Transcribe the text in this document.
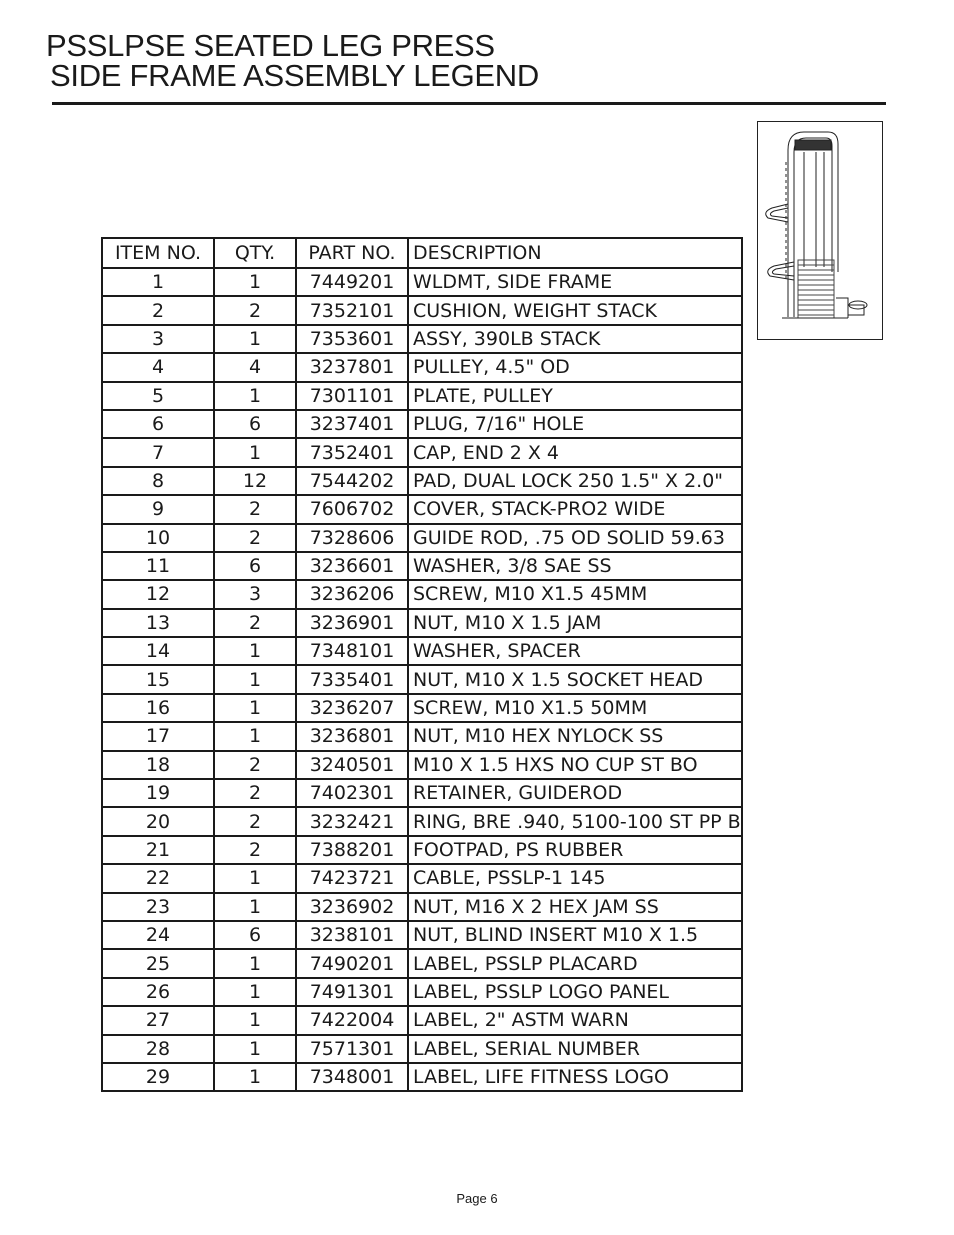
PSSLPSE SEATED LEG PRESS
SIDE FRAME ASSEMBLY LEGEND
ITEM NO.	QTY.	PART NO.	DESCRIPTION
1	1	7449201	WLDMT, SIDE FRAME
2	2	7352101	CUSHION, WEIGHT STACK
3	1	7353601	ASSY, 390LB STACK
4	4	3237801	PULLEY, 4.5" OD
5	1	7301101	PLATE, PULLEY
6	6	3237401	PLUG, 7/16" HOLE
7	1	7352401	CAP, END 2 X 4
8	12	7544202	PAD, DUAL LOCK 250 1.5" X 2.0"
9	2	7606702	COVER, STACK-PRO2 WIDE
10	2	7328606	GUIDE ROD, .75 OD SOLID 59.63
11	6	3236601	WASHER, 3/8 SAE SS
12	3	3236206	SCREW, M10 X1.5 45MM
13	2	3236901	NUT, M10 X 1.5 JAM
14	1	7348101	WASHER, SPACER
15	1	7335401	NUT, M10 X 1.5 SOCKET HEAD
16	1	3236207	SCREW, M10 X1.5 50MM
17	1	3236801	NUT, M10 HEX NYLOCK SS
18	2	3240501	M10 X 1.5 HXS NO CUP ST BO
19	2	7402301	RETAINER, GUIDEROD
20	2	3232421	RING, BRE .940, 5100-100 ST PP B
21	2	7388201	FOOTPAD, PS RUBBER
22	1	7423721	CABLE, PSSLP-1 145
23	1	3236902	NUT, M16 X 2 HEX JAM SS
24	6	3238101	NUT, BLIND INSERT M10 X 1.5
25	1	7490201	LABEL, PSSLP PLACARD
26	1	7491301	LABEL, PSSLP LOGO PANEL
27	1	7422004	LABEL, 2" ASTM WARN
28	1	7571301	LABEL, SERIAL NUMBER
29	1	7348001	LABEL, LIFE FITNESS LOGO
Page 6
